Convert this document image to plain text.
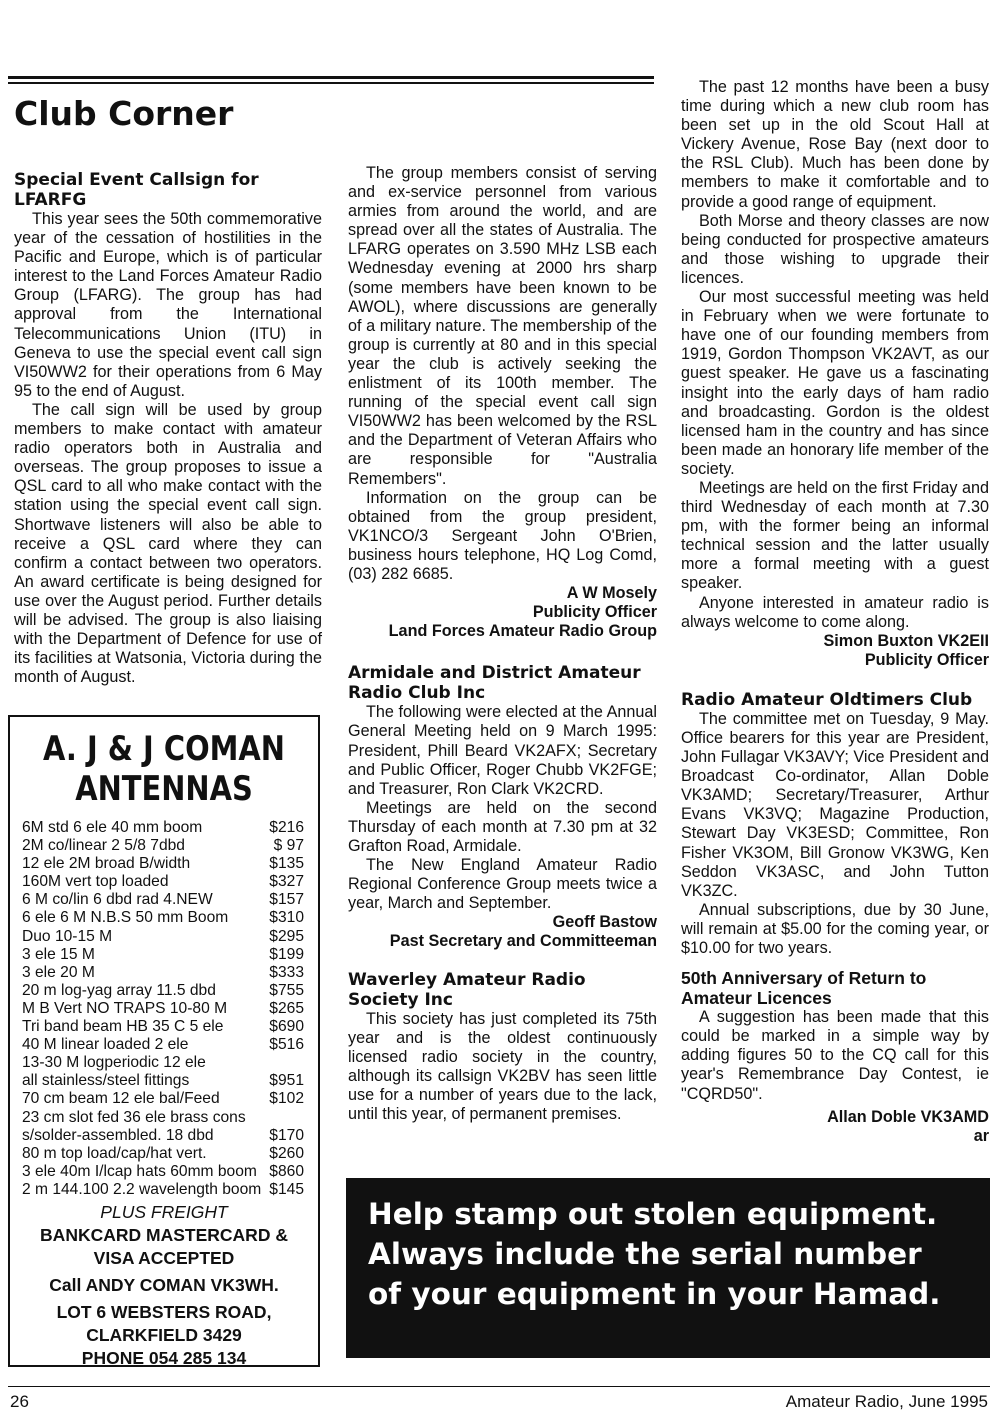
Club Corner
Special Event Callsign for LFARFG

This year sees the 50th commemorative year of the cessation of hostilities in the Pacific and Europe, which is of particular interest to the Land Forces Amateur Radio Group (LFARG). The group has had approval from the International Telecommunications Union (ITU) in Geneva to use the special event call sign VI50WW2 for their operations from 6 May 95 to the end of August.

The call sign will be used by group members to make contact with amateur radio operators both in Australia and overseas. The group proposes to issue a QSL card to all who make contact with the station using the special event call sign. Shortwave listeners will also be able to receive a QSL card where they can confirm a contact between two operators. An award certificate is being designed for use over the August period. Further details will be advised. The group is also liaising with the Department of Defence for use of its facilities at Watsonia, Victoria during the month of August.

A. J & J COMAN
ANTENNAS
6M std 6 ele 40 mm boom	$216
2M co/linear 2 5/8 7dbd	$ 97
12 ele 2M broad B/width	$135
160M vert top loaded	$327
6 M co/lin 6 dbd rad 4.NEW	$157
6 ele 6 M N.B.S 50 mm Boom	$310
Duo 10-15 M	$295
3 ele 15 M	$199
3 ele 20 M	$333
20 m log-yag array 11.5 dbd	$755
M B Vert NO TRAPS 10-80 M	$265
Tri band beam HB 35 C 5 ele	$690
40 M linear loaded 2 ele	$516
13-30 M logperiodic 12 ele
all stainless/steel fittings	$951
70 cm beam 12 ele bal/Feed	$102
23 cm slot fed 36 ele brass cons
s/solder-assembled. 18 dbd	$170
80 m top load/cap/hat vert.	$260
3 ele 40m I/lcap hats 60mm boom $860
2 m 144.100 2.2 wavelength boom $145
PLUS FREIGHT
BANKCARD MASTERCARD &
VISA ACCEPTED
Call ANDY COMAN VK3WH.
LOT 6 WEBSTERS ROAD,
CLARKFIELD 3429
PHONE 054 285 134

The group members consist of serving and ex-service personnel from various armies from around the world, and are spread over all the states of Australia. The LFARG operates on 3.590 MHz LSB each Wednesday evening at 2000 hrs sharp (some members have been known to be AWOL), where discussions are generally of a military nature. The membership of the group is currently at 80 and in this special year the club is actively seeking the enlistment of its 100th member. The running of the special event call sign VI50WW2 has been welcomed by the RSL and the Department of Veteran Affairs who are responsible for "Australia Remembers".

Information on the group can be obtained from the group president, VK1NCO/3 Sergeant John O'Brien, business hours telephone, HQ Log Comd, (03) 282 6685.

A W Mosely

Publicity Officer

Land Forces Amateur Radio Group

Armidale and District Amateur Radio Club Inc

The following were elected at the Annual General Meeting held on 9 March 1995: President, Phill Beard VK2AFX; Secretary and Public Officer, Roger Chubb VK2FGE; and Treasurer, Ron Clark VK2CRD.

Meetings are held on the second Thursday of each month at 7.30 pm at 32 Grafton Road, Armidale.

The New England Amateur Radio Regional Conference Group meets twice a year, March and September.

Geoff Bastow

Past Secretary and Committeeman

Waverley Amateur Radio Society Inc

This society has just completed its 75th year and is the oldest continuously licensed radio society in the country, although its callsign VK2BV has seen little use for a number of years due to the lack, until this year, of permanent premises.

The past 12 months have been a busy time during which a new club room has been set up in the old Scout Hall at Vickery Avenue, Rose Bay (next door to the RSL Club). Much has been done by members to make it comfortable and to provide a good range of equipment.

Both Morse and theory classes are now being conducted for prospective amateurs and those wishing to upgrade their licences.

Our most successful meeting was held in February when we were fortunate to have one of our founding members from 1919, Gordon Thompson VK2AVT, as our guest speaker. He gave us a fascinating insight into the early days of ham radio and broadcasting. Gordon is the oldest licensed ham in the country and has since been made an honorary life member of the society.

Meetings are held on the first Friday and third Wednesday of each month at 7.30 pm, with the former being an informal technical session and the latter usually more a formal meeting with a guest speaker.

Anyone interested in amateur radio is always welcome to come along.

Simon Buxton VK2EII

Publicity Officer

Radio Amateur Oldtimers Club

The committee met on Tuesday, 9 May. Office bearers for this year are President, John Fullagar VK3AVY; Vice President and Broadcast Co-ordinator, Allan Doble VK3AMD; Secretary/Treasurer, Arthur Evans VK3VQ; Magazine Production, Stewart Day VK3ESD; Committee, Ron Fisher VK3OM, Bill Gronow VK3WG, Ken Seddon VK3ASC, and John Tutton VK3ZC.

Annual subscriptions, due by 30 June, will remain at $5.00 for the coming year, or $10.00 for two years.

50th Anniversary of Return to Amateur Licences

A suggestion has been made that this could be marked in a simple way by adding figures 50 to the CQ call for this year's Remembrance Day Contest, ie "CQRD50".

Allan Doble VK3AMD

ar

Help stamp out stolen equipment.
Always include the serial number
of your equipment in your Hamad.
26	Amateur Radio, June 1995
